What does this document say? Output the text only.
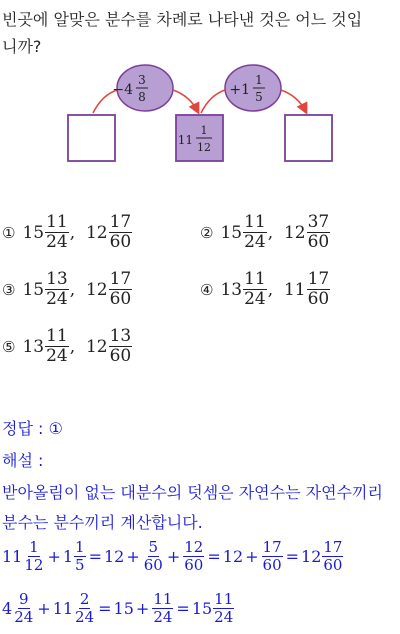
빈곳에 알맞은 분수를 차례로 나타낸 것은 어느 것입
니까?
−4
3
8	+1
1
5
11
1
12
① $15 \frac{11}{24}$ ,
$12 \frac{17}{60}$	② $15 \frac{11}{24}$ ,
$12 \frac{37}{60}$
③ $15 \frac{13}{24}$ ,
$12 \frac{17}{60}$	④ $13 \frac{11}{24}$ ,
$11 \frac{17}{60}$
⑤ $13 \frac{11}{24}$ ,
$12 \frac{13}{60}$
정답 : ①
해설 :
받아올림이 없는 대분수의 덧셈은 자연수는 자연수끼리
분수는 분수끼리 계산합니다.
$11 \frac{1}{12} + 1 \frac{1}{5} = 12 + \frac{5}{60} + \frac{12}{60} = 12 + \frac{17}{60} = 12 \frac{17}{60}$
$4 \frac{9}{24} + 11 \frac{2}{24} = 15 + \frac{11}{24} = 15 \frac{11}{24}$
